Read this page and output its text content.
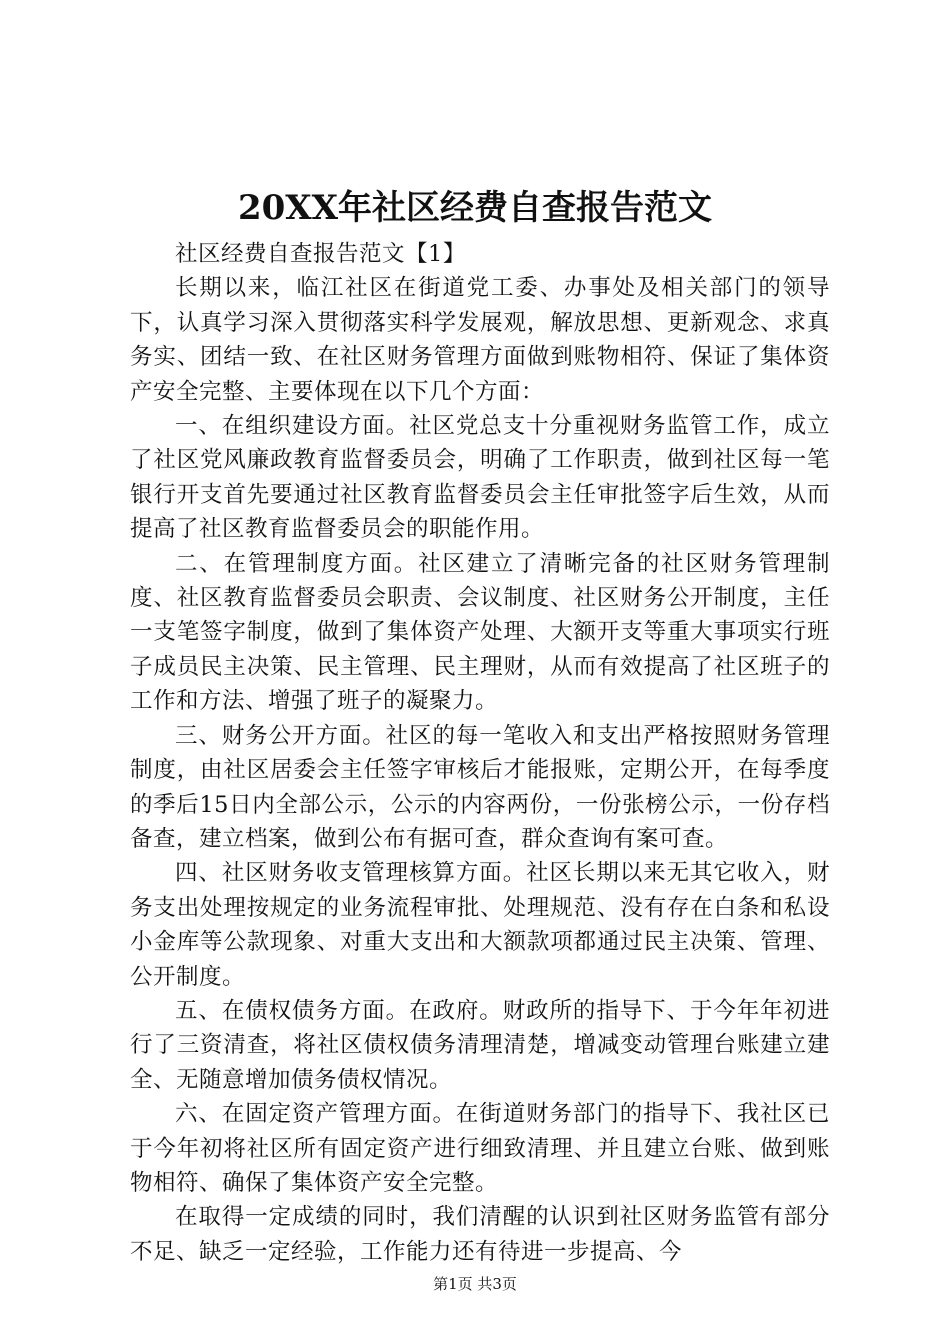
20XX年社区经费自查报告范文

社区经费自查报告范文【1】

长期以来，临江社区在街道党工委、办事处及相关部门的领导下，认真学习深入贯彻落实科学发展观，解放思想、更新观念、求真务实、团结一致、在社区财务管理方面做到账物相符、保证了集体资产安全完整、主要体现在以下几个方面：

一、在组织建设方面。社区党总支十分重视财务监管工作，成立了社区党风廉政教育监督委员会，明确了工作职责，做到社区每一笔银行开支首先要通过社区教育监督委员会主任审批签字后生效，从而提高了社区教育监督委员会的职能作用。

二、在管理制度方面。社区建立了清晰完备的社区财务管理制度、社区教育监督委员会职责、会议制度、社区财务公开制度，主任一支笔签字制度，做到了集体资产处理、大额开支等重大事项实行班子成员民主决策、民主管理、民主理财，从而有效提高了社区班子的工作和方法、增强了班子的凝聚力。

三、财务公开方面。社区的每一笔收入和支出严格按照财务管理制度，由社区居委会主任签字审核后才能报账，定期公开，在每季度的季后15日内全部公示，公示的内容两份，一份张榜公示，一份存档备查，建立档案，做到公布有据可查，群众查询有案可查。

四、社区财务收支管理核算方面。社区长期以来无其它收入，财务支出处理按规定的业务流程审批、处理规范、没有存在白条和私设小金库等公款现象、对重大支出和大额款项都通过民主决策、管理、公开制度。

五、在债权债务方面。在政府。财政所的指导下、于今年年初进行了三资清查，将社区债权债务清理清楚，增减变动管理台账建立建全、无随意增加债务债权情况。

六、在固定资产管理方面。在街道财务部门的指导下、我社区已于今年初将社区所有固定资产进行细致清理、并且建立台账、做到账物相符、确保了集体资产安全完整。

在取得一定成绩的同时，我们清醒的认识到社区财务监管有部分不足、缺乏一定经验，工作能力还有待进一步提高、今

第1页 共3页
